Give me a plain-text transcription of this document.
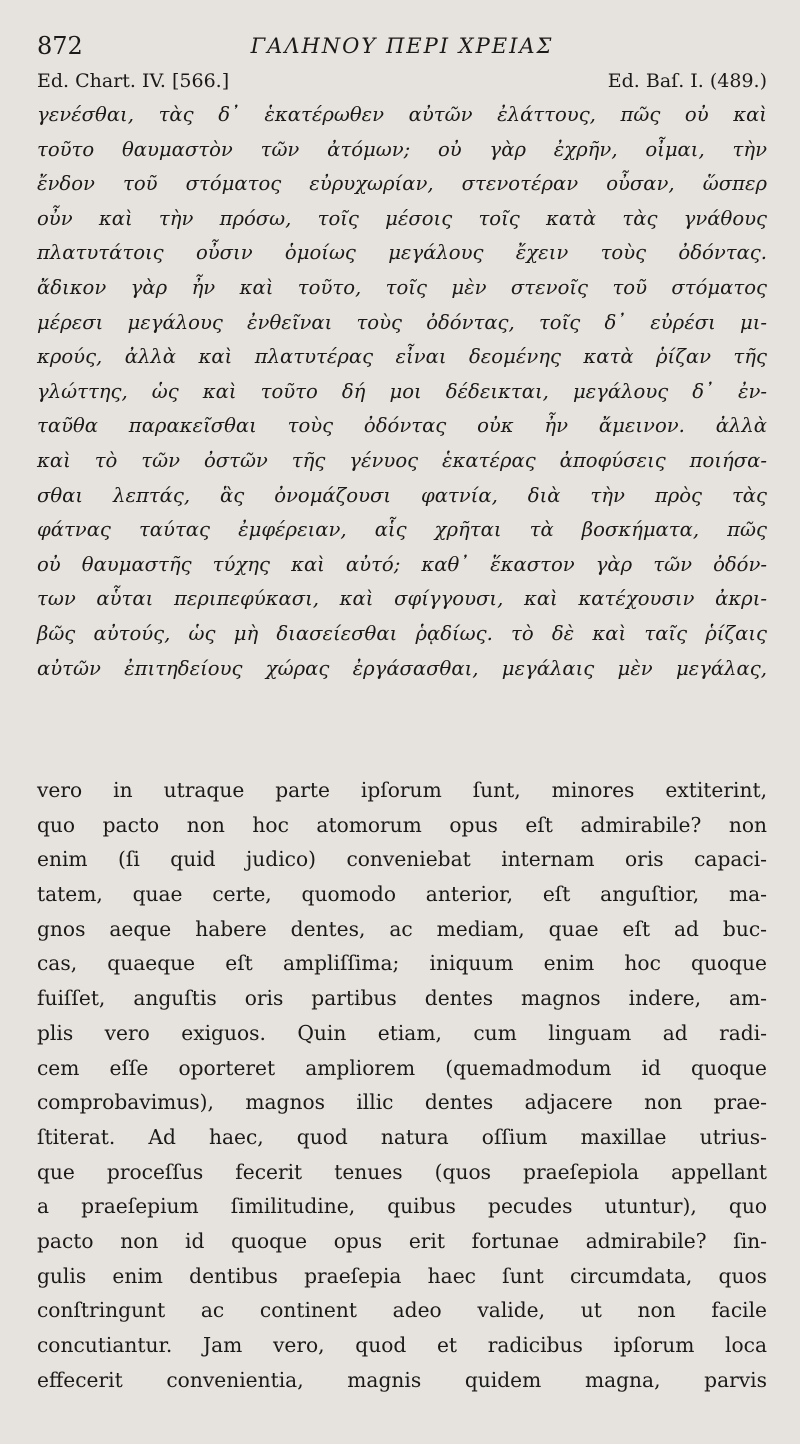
872	ΓΑΛΗΝΟΥ ΠΕΡΙ ΧΡΕΙΑΣ
Ed. Chart. IV. [566.]	Ed. Baſ. I. (489.)
γενέσθαι, τὰς δ᾽ ἑκατέρωθεν αὐτῶν ἐλάττους, πῶς οὐ καὶ
τοῦτο θαυμαστὸν τῶν ἀτόμων; οὐ γὰρ ἐχρῆν, οἶμαι, τὴν
ἔνδον τοῦ στόματος εὐρυχωρίαν, στενοτέραν οὖσαν, ὥσπερ
οὖν καὶ τὴν πρόσω, τοῖς μέσοις τοῖς κατὰ τὰς γνάθους
πλατυτάτοις οὖσιν ὁμοίως μεγάλους ἔχειν τοὺς ὀδόντας.
ἄδικον γὰρ ἦν καὶ τοῦτο, τοῖς μὲν στενοῖς τοῦ στόματος
μέρεσι μεγάλους ἐνθεῖναι τοὺς ὀδόντας, τοῖς δ᾽ εὐρέσι μι-
κρούς, ἀλλὰ καὶ πλατυτέρας εἶναι δεομένης κατὰ ῥίζαν τῆς
γλώττης, ὡς καὶ τοῦτο δή μοι δέδεικται, μεγάλους δ᾽ ἐν-
ταῦθα παρακεῖσθαι τοὺς ὀδόντας οὐκ ἦν ἄμεινον. ἀλλὰ
καὶ τὸ τῶν ὀστῶν τῆς γένυος ἑκατέρας ἀποφύσεις ποιήσα-
σθαι λεπτάς, ἃς ὀνομάζουσι φατνία, διὰ τὴν πρὸς τὰς
φάτνας ταύτας ἐμφέρειαν, αἷς χρῆται τὰ βοσκήματα, πῶς
οὐ θαυμαστῆς τύχης καὶ αὐτό; καθ᾽ ἕκαστον γὰρ τῶν ὀδόν-
των αὗται περιπεφύκασι, καὶ σφίγγουσι, καὶ κατέχουσιν ἀκρι-
βῶς αὐτούς, ὡς μὴ διασείεσθαι ῥᾳδίως. τὸ δὲ καὶ ταῖς ῥίζαις
αὐτῶν ἐπιτηδείους χώρας ἐργάσασθαι, μεγάλαις μὲν μεγάλας,
vero in utraque parte ipſorum ſunt, minores extiterint,
quo pacto non hoc atomorum opus eſt admirabile? non
enim (ſi quid judico) conveniebat internam oris capaci-
tatem, quae certe, quomodo anterior, eſt anguſtior, ma-
gnos aeque habere dentes, ac mediam, quae eſt ad buc-
cas, quaeque eſt ampliſſima; iniquum enim hoc quoque
fuiſſet, anguſtis oris partibus dentes magnos indere, am-
plis vero exiguos. Quin etiam, cum linguam ad radi-
cem eſſe oporteret ampliorem (quemadmodum id quoque
comprobavimus), magnos illic dentes adjacere non prae-
ſtiterat. Ad haec, quod natura oſſium maxillae utrius-
que proceſſus fecerit tenues (quos praeſepiola appellant
a praeſepium ſimilitudine, quibus pecudes utuntur), quo
pacto non id quoque opus erit fortunae admirabile? ſin-
gulis enim dentibus praeſepia haec ſunt circumdata, quos
conſtringunt ac continent adeo valide, ut non facile
concutiantur. Jam vero, quod et radicibus ipſorum loca
effecerit convenientia, magnis quidem magna, parvis
